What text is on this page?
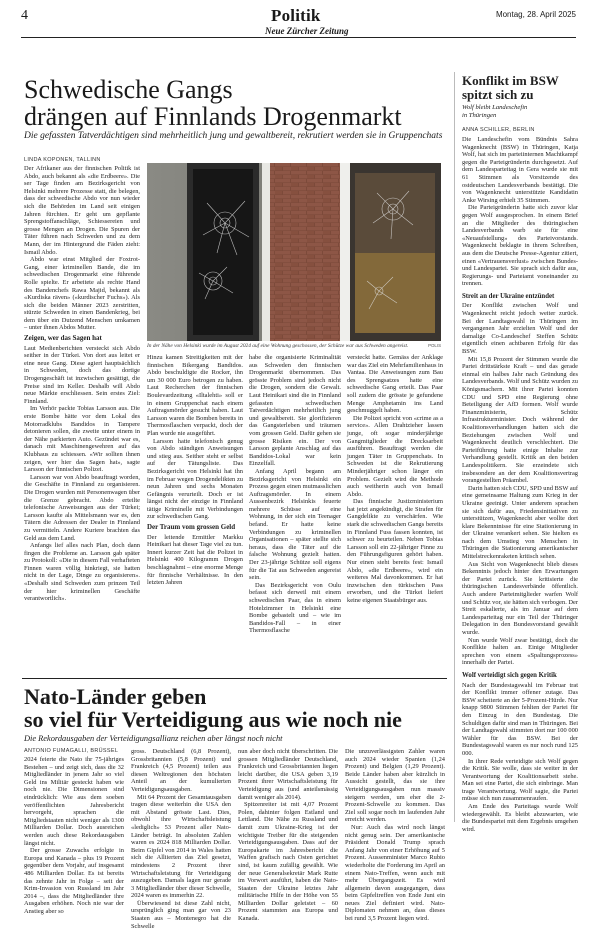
4	Politik
Neue Zürcher Zeitung
Montag, 28. April 2025
Schwedische Gangs
drängen auf Finnlands Drogenmarkt
Die gefassten Tatverdächtigen sind mehrheitlich jung und gewaltbereit, rekrutiert werden sie in Gruppenchats
LINDA KOPONEN, TALLINN

Der Afrikaner aus der finnischen Politik ist Abdo, auch bekannt als «die Erdbeere». Die ser Tage finden am Bezirksgericht von Helsinki mehrere Prozesse statt, die belegen, dass der schwedische Abdo vor nun wieder sich die Behörden im Land seit einigen Jahren fürchten. Er geht um gepflante Sprengstoffanschläge, Schiessereien und grosse Mengen an Drogen. Die Spuren der Täter führen nach Schweden und zu dem Mann, der im Hintergrund die Fäden zieht: Ismail Abdo.

Abdo war einst Mitglied der Foxtrot-Gang, einer kriminellen Bande, die im schwedischen Drogenmarkt eine führende Rolle spielte. Er arbeitete als rechte Hand des Bandenchefs Rawa Majid, bekannt als «Kurdiska räven» («kurdischer Fuchs»). Als sich die beiden Männer 2023 zerstritten, stürzte Schweden in einen Bandenkrieg, bei dem über ein Dutzend Menschen umkamen – unter ihnen Abdos Mutter.

Zeigen, wer das Sagen hat

Laut Medienberichten versteckt sich Abdo seither in der Türkei. Von dort aus leitet er eine neue Gang. Diese agiert hauptsächlich in Schweden, doch das dortige Drogengeschäft ist inzwischen gesättigt, die Preise sind im Keller. Deshalb will Abdo neue Märkte erschliessen. Sein erstes Ziel: Finnland.

Im Verhör packte Tobias Larsson aus. Die erste Bombe hätte vor dem Lokal des Motorradklubs Bandidos in Tampere detonieren sollen, die zweite unter einem in der Nähe parkierten Auto. Gezündet war es, danach mit Maschinengewehren auf das Klubhaus zu schiessen. «Wir sollten ihnen zeigen, wer hier das Sagen hat», sagte Larsson der finnischen Polizei.

Larsson war von Abdo beauftragt worden, die Geschäfte in Finnland zu organisieren. Die Drogen wurden mit Personenwagen über die Grenze gebracht. Abdo erteilte telefonische Anweisungen aus der Türkei; Larsson kaufte als Mittelsmann war es, den Tätern die Adressen der Dealer in Finnland zu vermitteln. Andere Kuriere brachten das Geld aus dem Land.

Anfangs lief alles nach Plan, doch dann fingen die Probleme an. Larsson gab später zu Protokoll: «Die in diesem Fall verhafteten Finnen waren völlig hinkriegt, sie hatten nicht in der Lage, Dinge zu organisieren». «Deshalb sind Schweden zum prinzen Teil der hier kriminellen Geschäfte verantwortlich».

In der Nähe von Helsinki wurde im August 2024 auf eine Wohnung geschossen, der Schütze war aus Schweden angereist.	POLIS

Hinzu kamen Streitigkeiten mit der finnischen Bikergang Bandidos. Abdo beschuldigte die Rocker, ihn um 30 000 Euro betrogen zu haben. Laut Recherchen der finnischen Boulevardzeitung «Iltalehti» soll er in einem Gruppenchat nach einem Auftragsmörder gesucht haben. Laut Larsson waren die Bomben bereits in Thermosflaschen verpackt, doch der Plan wurde nie ausgeführt.

Larsson hatte telefonisch genug von Abdo ständigen Anweisungen und stieg aus. Seither steht er selbst auf der Tätungsliste. Das Bezirksgericht von Helsinki hat ihn im Februar wegen Drogendelikten zu neun Jahren und sechs Monaten Gefängnis verurteilt. Doch er ist längst nicht der einzige in Finnland tätige Kriminelle mit Verbindungen zur schwedischen Gang.

Der Traum vom grossen Geld

Der leitende Ermittler Markku Heinikari hat dieser Tage viel zu tun. Innert kurzer Zeit hat die Polizei in Helsinki 400 Kilogramm Drogen beschlagnahmt – eine enorme Menge für finnische Verhältnisse. In den letzten Jahren

habe die organisierte Kriminalität aus Schweden den finnischen Drogenmarkt übernommen. Das grösste Problem sind jedoch nicht die Drogen, sondern die Gewalt. Laut Heinikari sind die in Finnland gefassten schwedischen Tatverdächtigen mehrheitlich jung und gewaltbereit. Sie glorifizieren das Gangsterleben und träumen vom grossen Geld. Dafür gehen sie grosse Risiken ein. Der von Larsson geplante Anschlag auf das Bandidos-Lokal war kein Einzelfall.

Anfang April begann am Bezirksgericht von Helsinki ein Prozess gegen einen mutmasslichen Auftragsmörder. In einem Aussenbezirk Helsinkis feuerte mehrere Schüsse auf eine Wohnung, in der sich ein Teenager befand. Er hatte keine Verbindungen zu kriminellen Organisationen – später stellte sich heraus, dass die Täter auf die falsche Wohnung gezielt hatten. Der 23-jährige Schütze soll eigens für die Tat aus Schweden angereist sein.

Das Bezirksgericht von Oulu befasst sich derweil mit einem schwedischen Paar, das in einem Hotelzimmer in Helsinki eine Bombe gebastelt und – wie im Bandidos-Fall – in einer Thermosflasche

versteckt hatte. Gemäss der Anklage war das Ziel ein Mehrfamilienhaus in Vantaa. Die Anweisungen zum Bau des Sprengsatzes hatte eine schwedische Gang erteilt. Das Paar soll zudem die grösste je gefundene Menge Amphetamin ins Land geschmuggelt haben.

Die Polizei spricht von «crime as a service». Allen Drahtzieher lassen junge, oft sogar minderjährige Gangmitglieder die Drecksarbeit ausführen. Beauftragt werden die jungen Täter in Gruppenchats. In Schweden ist die Rekrutierung Minderjähriger schon länger ein Problem. Gezielt wird die Methode auch weitherin auch von Ismail Abdo.

Das finnische Justizministerium hat jetzt angekündigt, die Strafen für Gangdelikte zu verschärfen. Wie stark die schwedischen Gangs bereits in Finnland Fuss fassen konnten, ist schwer zu beurteilen. Neben Tobias Larsson soll ein 22-jähriger Finne zu den Führungsfiguren gehört haben. Nur einen steht bereits fest: Ismail Abdo, «die Erdbeere», wird ein weiteres Mal davonkommen. Er hat inzwischen den türkischen Pass erworben, und die Türkei liefert keine eigenen Staatsbürger aus.

Konflikt im BSW
spitzt sich zu
Wolf bleibt Landeschefin
in Thüringen
ANNA SCHILLER, BERLIN

Die Landeschefin vom Bündnis Sahra Wagenknecht (BSW) in Thüringen, Katja Wolf, hat sich im parteiinternen Machtkampf gegen die Parteigründerin durchgesetzt. Auf dem Landesparteitag in Gera wurde sie mit 61 Stimmen als Vorsitzende des ostdeutschen Landesverbands bestätigt. Die von Wagenknecht unterstützte Kandidatin Anke Wirsing erhielt 35 Stimmen.

Die Parteigründerin hatte sich zuvor klar gegen Wolf ausgesprochen. In einem Brief an die Mitglieder des thüringischen Landesverbands warb sie für eine «Neuaufstellung» des Parteivorstands. Wagenknecht beklagte in ihrem Schreiben, aus dem die Deutsche Presse-Agentur zitiert, einen «Vertrauensverlust» zwischen Bundes- und Landespartei. Sie sprach sich dafür aus, Regierungs- und Parteiamt voneinander zu trennen.

Streit an der Ukraine entzündet

Der Konflikt zwischen Wolf und Wagenknecht reicht jedoch weiter zurück. Bei der Landtagswahl in Thüringen im vergangenen Jahr erzielten Wolf und der damalige Co-Landeschef Steffen Schütz eigentlich einen achtbaren Erfolg für das BSW.

Mit 15,8 Prozent der Stimmen wurde die Partei drittstärkste Kraft – und das gerade einmal ein halbes Jahr nach Gründung des Landesverbands. Wolf und Schütz wurden zu Königsmachern. Mit ihrer Partei konnten CDU und SPD eine Regierung ohne Beteiligung der AfD formen. Wolf wurde Finanzministerin, Schütz Infrastrukturminister. Doch während der Koalitionsverhandlungen hatten sich die Beziehungen zwischen Wolf und Wagenknecht deutlich verschlechtert. Die Parteiführung hatte einige Inhalte zur Verhandlung gestellt. Kritik an den beiden Landespolitikern. Sie erzeindete sich insbesondere an der dem Koalitionsvertrag vorangestellten Präambel.

Darin hatten sich CDU, SPD und BSW auf eine gemeinsame Haltung zum Krieg in der Ukraine geeinigt. Unter anderem sprachen sie sich dafür aus, Friedensinitiativen zu unterstützen, Wagenknecht aber wollte dort klare Bekenntnisse für eine Stationierung in der Ukraine verankert sehen. Sie hielten es nach dem Umstieg von Menschen in Thüringen die Stationierung amerikanischer Mittelstreckenraketen kritisch sehen.

Aus Sicht von Wagenknecht blieb dieses Bekenntnis jedoch hinter den Erwartungen der Partei zurück. Sie kritisierte die thüringischen Landesverbände öffentlich. Auch andere Parteimitglieder warfen Wolf und Schütz vor, sie hätten sich verbogen. Der Streit eskalierte, als im Januar auf dem Landesparteitag nur ein Teil der Thüringer Delegation in den Bundesvorstand gewählt wurde.

Nun wurde Wolf zwar bestätigt, doch die Konflikte halten an. Einige Mitglieder sprechen von einem «Spaltungsprozess» innerhalb der Partei.

Wolf verteidigt sich gegen Kritik

Nach der Bundestagswahl im Februar trat der Konflikt immer offener zutage. Das BSW scheiterte an der 5-Prozent-Hürde. Nur knapp 9800 Stimmen fehlten der Partei für den Einzug in den Bundestag. Die Schuldigen dafür sind man in Thüringen. Bei der Landtagswahl stimmten dort nur 100 000 Wähler für das BSW. Bei der Bundestagswahl waren es nur noch rund 125 000.

In ihrer Rede verteidigte sich Wolf gegen die Kritik. Sie wolle, dass sie weiter in der Verantwortung der Koalitionsarbeit stehe. Man sei eine Partei, die sich einbringe. Man trage Verantwortung. Wolf sagte, die Partei müsse sich nun zusammenraufen.

Am Ende des Parteitags wurde Wolf wiedergewählt. Es bleibt abzuwarten, wie die Bundespartei mit dem Ergebnis umgehen wird.

Nato-Länder geben
so viel für Verteidigung aus wie noch nie
Die Rekordausgaben der Verteidigungsallianz reichen aber längst noch nicht
ANTONIO FUMAGALLI, BRÜSSEL

2024 feierte die Nato ihr 75-jähriges Bestehen – und zeigt sich, dass die 32 Mitgliedländer in jenem Jahr so viel Geld ins Militär gesteckt haben wie noch nie. Die Dimensionen sind eindrücklich: Wie aus dem soeben veröffentlichten Jahresbericht hervorgeht, sprachen die Mitgliedstaaten nicht weniger als 1300 Milliarden Dollar. Doch ausreichen werden auch diese Rekordausgaben längst nicht.

Der grosse Zuwachs erfolgte in Europa und Kanada – plus 19 Prozent gegenüber dem Vorjahr, auf insgesamt 486 Milliarden Dollar. Es ist bereits das zehnte Jahr in Folge – seit der Krim-Invasion von Russland im Jahr 2014 –, dass die Mitgliedländer ihre Ausgaben erhöhen. Noch nie war der Anstieg aber so

gross. Deutschland (6,8 Prozent), Grossbritannien (5,8 Prozent) und Frankreich (4,5 Prozent) teilen aus diesen Weltregionen den höchsten Anteil an der kumulierten Verteidigungsausgaben.

Mit 64 Prozent der Gesamtausgaben tragen diese weiterhin die USA den mit Abstand grösste Last. Dies, obwohl ihre Wirtschaftsleistung «lediglich» 53 Prozent aller Nato-Länder beträgt. In absoluten Zahlen waren es 2024 818 Milliarden Dollar. Beim Gipfel von 2014 in Wales hatten sich die Alliierten das Ziel gesetzt, mindestens 2 Prozent ihrer Wirtschaftsleistung für Verteidigung auszugeben. Damals lagen nur gerade 3 Mitgliedländer über dieser Schwelle, 2024 waren es immerhin 22.

Überwiesend ist diese Zahl nicht, ursprünglich ging man gar von 23 Staaten aus – Montenegro hat die Schwelle

nun aber doch nicht überschritten. Die grossen Mitgliedländer Deutschland, Frankreich und Grossbritannien liegen leicht darüber, die USA geben 3,19 Prozent ihrer Wirtschaftsleistung für Verteidigung aus (und anteilsmässig damit weniger als 2014).

Spitzenreiter ist mit 4,07 Prozent Polen, dahinter folgen Estland und Lettland. Die Nähe zu Russland und damit zum Ukraine-Krieg ist der wichtigste Treiber für die steigenden Verteidigungsausgaben. Dass auf der Europakarte im Jahresbericht die Waffen grafisch nach Osten gerichtet sind, ist kaum zufällig gewählt. Wie der neue Generalsekretär Mark Rutte im Vorwort ausführt, haben die Nato-Staaten der Ukraine letztes Jahr militärische Hilfe in der Höhe von 55 Milliarden Dollar geleistet – 60 Prozent stammten aus Europa und Kanada.

Die unzuverlässigsten Zahler waren auch 2024 wieder Spanien (1,24 Prozent) und Belgien (1,29 Prozent). Beide Länder haben aber kürzlich in Aussicht gestellt, das sie ihre Verteidigungsausgaben nun massiv steigern werden, um eher die 2-Prozent-Schwelle zu kommen. Das Ziel soll sogar noch im laufenden Jahr erreicht werden.

Nur: Auch das wird noch längst nicht genug sein. Der amerikanische Präsident Donald Trump sprach Anfang Jahr von einer Erhöhung auf 5 Prozent. Aussenminister Marco Rubio wiederholte die Forderung im April an einem Nato-Treffen, wenn auch mit mehr Übergangszeit. Es wird allgemein davon ausgegangen, dass beim Gipfeltreffen von Ende Juni ein neues Ziel definiert wird. Nato-Diplomaten nehmen an, dass dieses bei rund 3,5 Prozent liegen wird.
